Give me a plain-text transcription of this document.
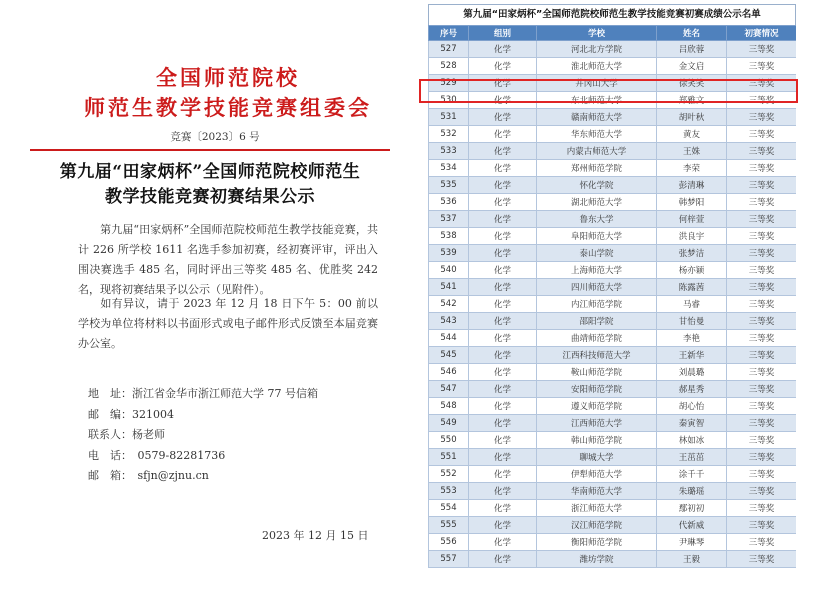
全国师范院校
师范生教学技能竞赛组委会
竞赛〔2023〕6 号
第九届“田家炳杯”全国师范院校师范生
教学技能竞赛初赛结果公示
第九届“田家炳杯”全国师范院校师范生教学技能竞赛，共计 226 所学校 1611 名选手参加初赛，经初赛评审，评出入围决赛选手 485 名，同时评出三等奖 485 名、优胜奖 242 名，现将初赛结果予以公示（见附件）。
如有异议，请于 2023 年 12 月 18 日下午 5：00 前以学校为单位将材料以书面形式或电子邮件形式反馈至本届竞赛办公室。
地　址：浙江省金华市浙江师范大学 77 号信箱
邮　编：321004
联系人：杨老师
电　话：　0579-82281736
邮　箱：　sfjn@zjnu.cn
2023 年 12 月 15 日
第九届“田家炳杯”全国师范院校师范生教学技能竞赛初赛成绩公示名单
序号	组别	学校	姓名	初赛情况
527	化学	河北北方学院	吕欣蓉	三等奖
528	化学	淮北师范大学	金文启	三等奖
529	化学	井冈山大学	徐笑笑	三等奖
530	化学	东北师范大学	郑雅文	三等奖
531	化学	赣南师范大学	胡叶秋	三等奖
532	化学	华东师范大学	黄友	三等奖
533	化学	内蒙古师范大学	王姝	三等奖
534	化学	郑州师范学院	李荣	三等奖
535	化学	怀化学院	彭清琳	三等奖
536	化学	湖北师范大学	韩梦阳	三等奖
537	化学	鲁东大学	何梓萱	三等奖
538	化学	阜阳师范大学	洪良宇	三等奖
539	化学	泰山学院	张梦洁	三等奖
540	化学	上海师范大学	杨亦颖	三等奖
541	化学	四川师范大学	陈露茜	三等奖
542	化学	内江师范学院	马睿	三等奖
543	化学	邵阳学院	甘怡曼	三等奖
544	化学	曲靖师范学院	李艳	三等奖
545	化学	江西科技师范大学	王新华	三等奖
546	化学	鞍山师范学院	刘晨璐	三等奖
547	化学	安阳师范学院	郝星秀	三等奖
548	化学	遵义师范学院	胡心怡	三等奖
549	化学	江西师范大学	秦寅智	三等奖
550	化学	韩山师范学院	林如冰	三等奖
551	化学	聊城大学	王茁茁	三等奖
552	化学	伊犁师范大学	涂千千	三等奖
553	化学	华南师范大学	朱璐瑶	三等奖
554	化学	浙江师范大学	鄢初初	三等奖
555	化学	汉江师范学院	代新威	三等奖
556	化学	衡阳师范学院	尹琳琴	三等奖
557	化学	潍坊学院	王毅	三等奖
